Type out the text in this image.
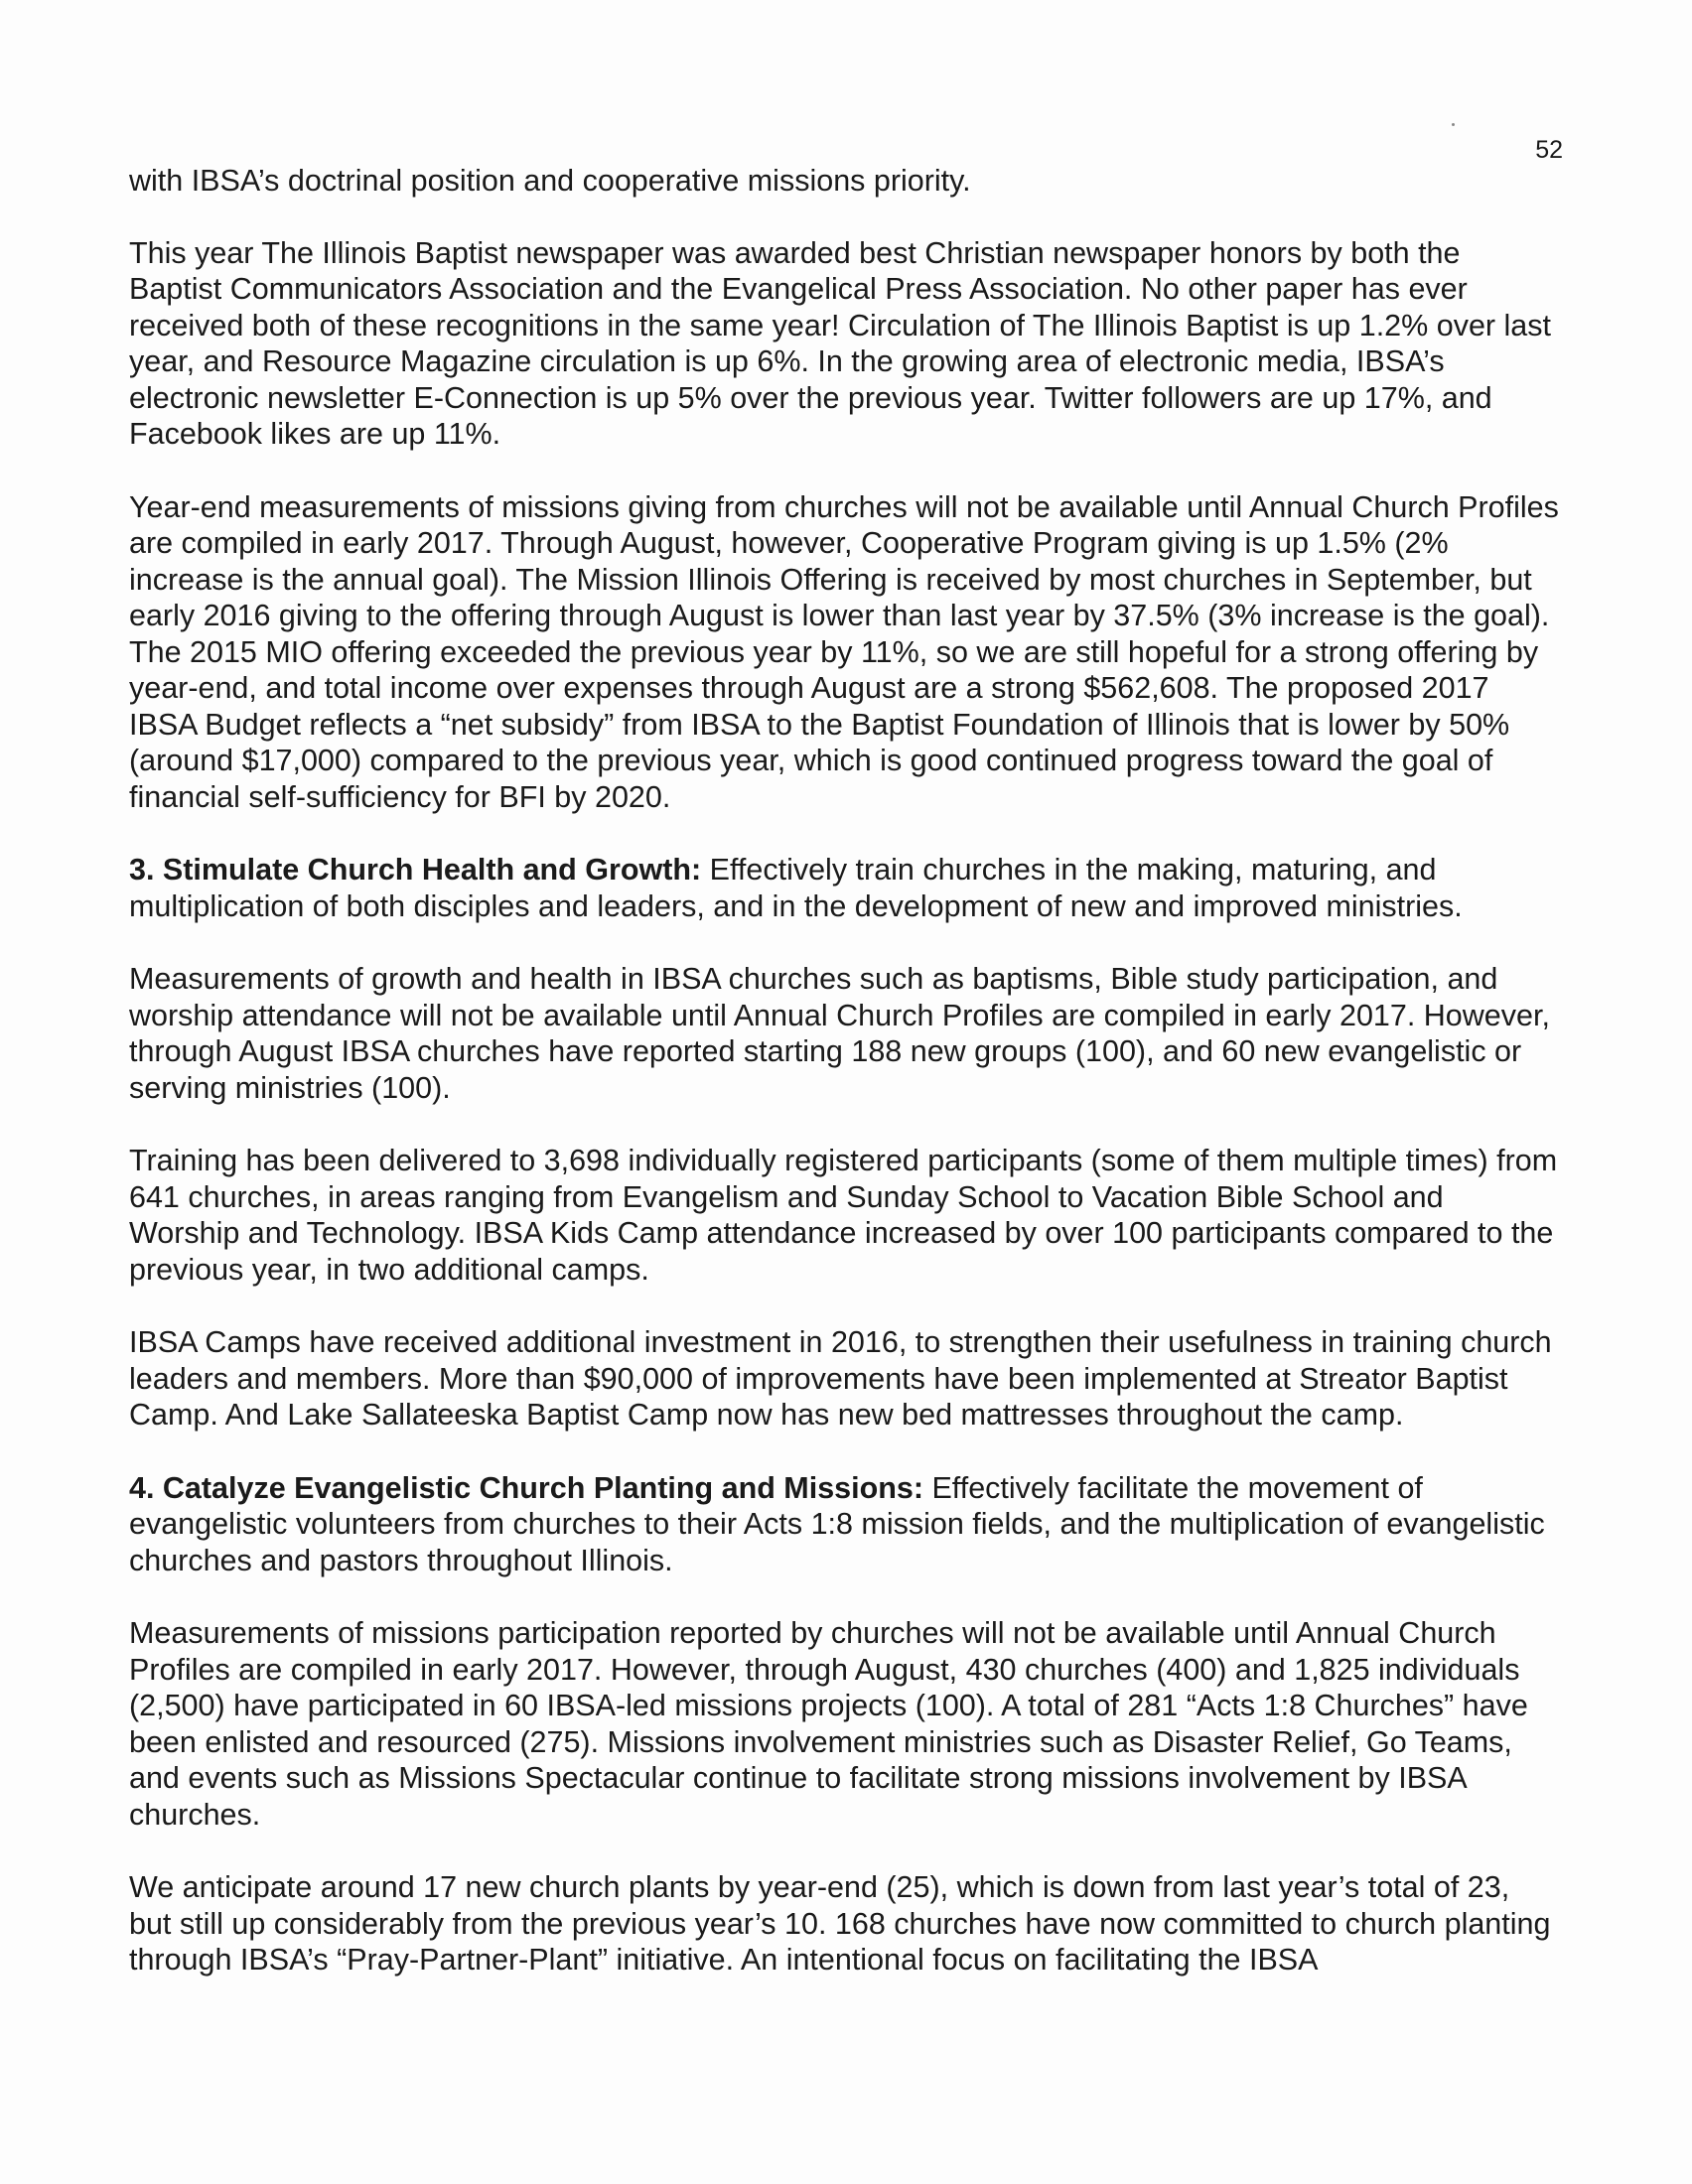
52

with IBSA’s doctrinal position and cooperative missions priority.

This year The Illinois Baptist newspaper was awarded best Christian newspaper honors by both the Baptist Communicators Association and the Evangelical Press Association. No other paper has ever received both of these recognitions in the same year! Circulation of The Illinois Baptist is up 1.2% over last year, and Resource Magazine circulation is up 6%. In the growing area of electronic media, IBSA’s electronic newsletter E-Connection is up 5% over the previous year. Twitter followers are up 17%, and Facebook likes are up 11%.

Year-end measurements of missions giving from churches will not be available until Annual Church Profiles are compiled in early 2017. Through August, however, Cooperative Program giving is up 1.5% (2% increase is the annual goal). The Mission Illinois Offering is received by most churches in September, but early 2016 giving to the offering through August is lower than last year by 37.5% (3% increase is the goal). The 2015 MIO offering exceeded the previous year by 11%, so we are still hopeful for a strong offering by year-end, and total income over expenses through August are a strong $562,608. The proposed 2017 IBSA Budget reflects a “net subsidy” from IBSA to the Baptist Foundation of Illinois that is lower by 50% (around $17,000) compared to the previous year, which is good continued progress toward the goal of financial self-sufficiency for BFI by 2020.

3. Stimulate Church Health and Growth: Effectively train churches in the making, maturing, and multiplication of both disciples and leaders, and in the development of new and improved ministries.

Measurements of growth and health in IBSA churches such as baptisms, Bible study participation, and worship attendance will not be available until Annual Church Profiles are compiled in early 2017. However, through August IBSA churches have reported starting 188 new groups (100), and 60 new evangelistic or serving ministries (100).

Training has been delivered to 3,698 individually registered participants (some of them multiple times) from 641 churches, in areas ranging from Evangelism and Sunday School to Vacation Bible School and Worship and Technology. IBSA Kids Camp attendance increased by over 100 participants compared to the previous year, in two additional camps.

IBSA Camps have received additional investment in 2016, to strengthen their usefulness in training church leaders and members. More than $90,000 of improvements have been implemented at Streator Baptist Camp. And Lake Sallateeska Baptist Camp now has new bed mattresses throughout the camp.

4. Catalyze Evangelistic Church Planting and Missions: Effectively facilitate the movement of evangelistic volunteers from churches to their Acts 1:8 mission fields, and the multiplication of evangelistic churches and pastors throughout Illinois.

Measurements of missions participation reported by churches will not be available until Annual Church Profiles are compiled in early 2017. However, through August, 430 churches (400) and 1,825 individuals (2,500) have participated in 60 IBSA-led missions projects (100). A total of 281 “Acts 1:8 Churches” have been enlisted and resourced (275). Missions involvement ministries such as Disaster Relief, Go Teams, and events such as Missions Spectacular continue to facilitate strong missions involvement by IBSA churches.

We anticipate around 17 new church plants by year-end (25), which is down from last year’s total of 23, but still up considerably from the previous year’s 10. 168 churches have now committed to church planting through IBSA’s “Pray-Partner-Plant” initiative. An intentional focus on facilitating the IBSA
